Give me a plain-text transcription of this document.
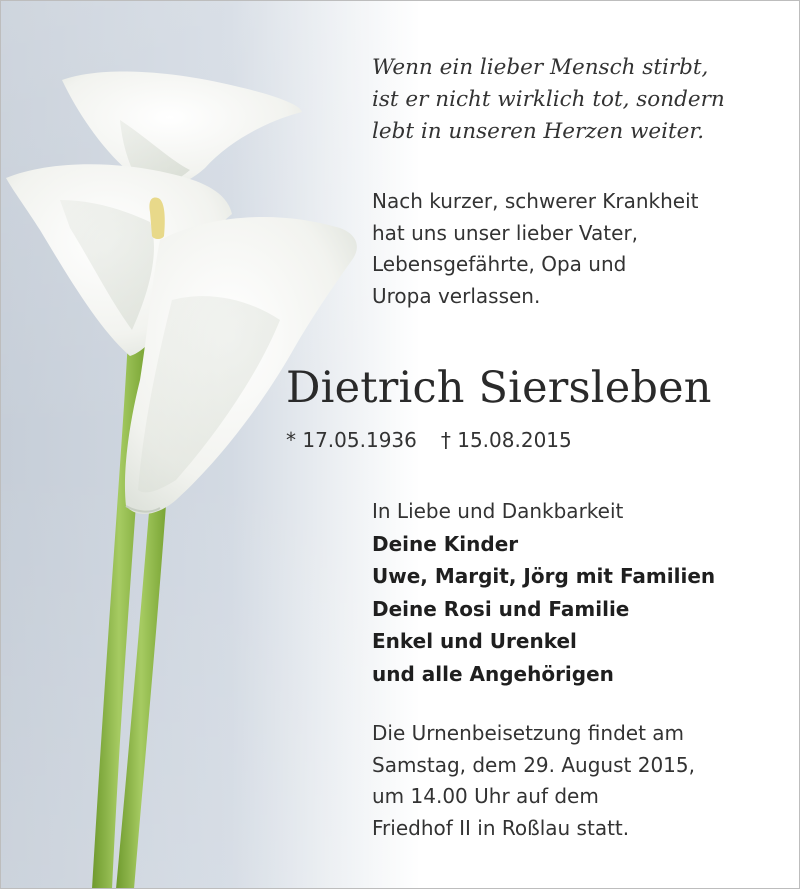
Wenn ein lieber Mensch stirbt,
ist er nicht wirklich tot, sondern
lebt in unseren Herzen weiter.
Nach kurzer, schwerer Krankheit
hat uns unser lieber Vater,
Lebensgefährte, Opa und
Uropa verlassen.
Dietrich Siersleben
* 17.05.1936 † 15.08.2015
In Liebe und Dankbarkeit
Deine Kinder
Uwe, Margit, Jörg mit Familien
Deine Rosi und Familie
Enkel und Urenkel
und alle Angehörigen
Die Urnenbeisetzung findet am
Samstag, dem 29. August 2015,
um 14.00 Uhr auf dem
Friedhof II in Roßlau statt.
